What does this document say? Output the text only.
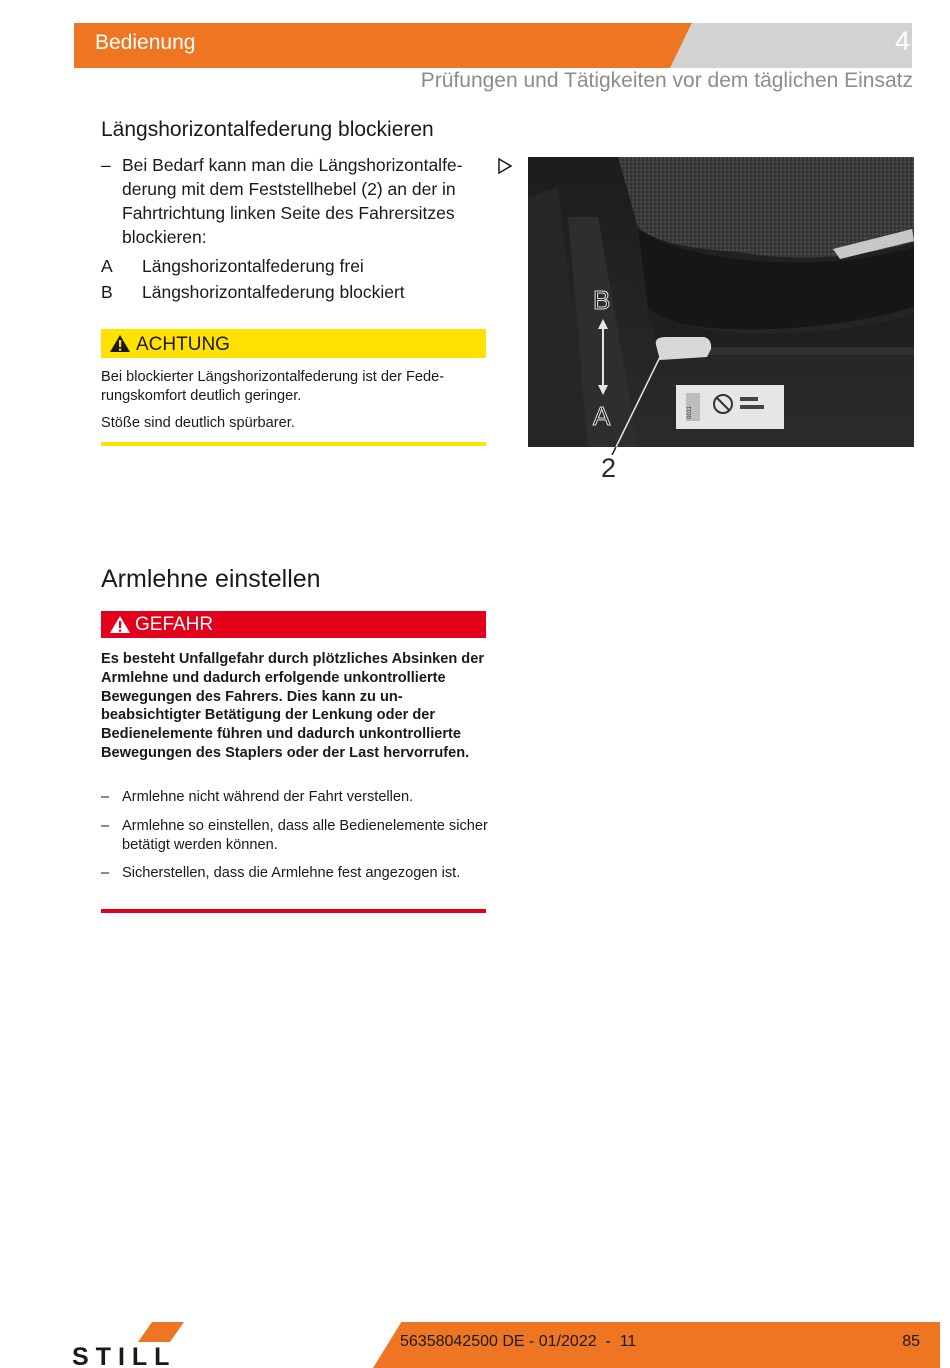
Bedienung	4
Prüfungen und Tätigkeiten vor dem täglichen Einsatz
Längshorizontalfederung blockieren
– Bei Bedarf kann man die Längshorizontalfederung mit dem Feststellhebel (2) an der in Fahrtrichtung linken Seite des Fahrersitzes blockieren:
A Längshorizontalfederung frei
B Längshorizontalfederung blockiert
ACHTUNG
Bei blockierter Längshorizontalfederung ist der Federungskomfort deutlich geringer.
Stöße sind deutlich spürbarer.
0011
B
A
2
Armlehne einstellen
GEFAHR
Es besteht Unfallgefahr durch plötzliches Absinken der Armlehne und dadurch erfolgende unkontrollierte Bewegungen des Fahrers. Dies kann zu unbeabsichtigter Betätigung der Lenkung oder der Bedienelemente führen und dadurch unkontrollierte Bewegungen des Staplers oder der Last hervorrufen.
– Armlehne nicht während der Fahrt verstellen.
– Armlehne so einstellen, dass alle Bedienelemente sicher betätigt werden können.
– Sicherstellen, dass die Armlehne fest angezogen ist.
STILL
56358042500 DE - 01/2022  -  11	85
